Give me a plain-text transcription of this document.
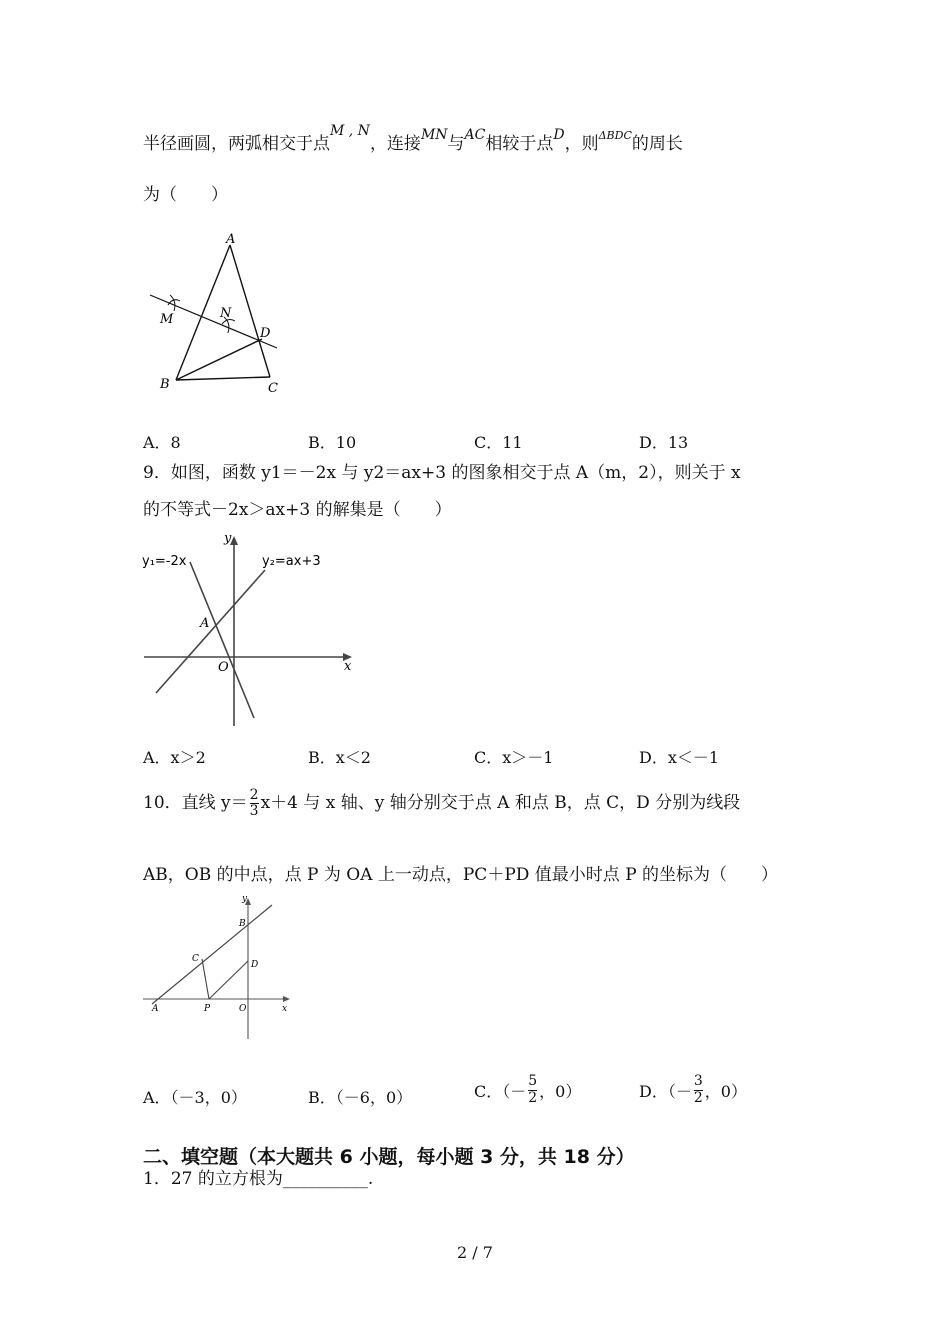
半径画圆，两弧相交于点$^{M , N}$，连接$^{MN}$与$^{AC}$相较于点$^D$，则$^{\Delta BDC}$的周长
为（　　）
A
B	C
D
M	N
A．8	B．10	C．11	D．13
9．如图，函数 y1＝－2x 与 y2＝ax+3 的图象相交于点 A（m，2），则关于 x
的不等式－2x＞ax+3 的解集是（　　）
y₁=-2x	y₂=ax+3
y
x
A
O
A．x＞2	B．x＜2	C．x＞－1	D．x＜－1
10．直线 $y= \frac{2}{3} x+4$ 与 x 轴、y 轴分别交于点 A 和点 B，点 C，D 分别为线段
AB，OB 的中点，点 P 为 OA 上一动点，PC＋PD 值最小时点 P 的坐标为（　　）
y
x
A
B
C
D
P	O
A．（－3，0）	B．（－6，0）	C．（－ $\frac{5}{2}$ ，0）	D．（－ $\frac{3}{2}$ ，0）
二、填空题（本大题共 6 小题，每小题 3 分，共 18 分）
1．27 的立方根为__________.
2 / 7
